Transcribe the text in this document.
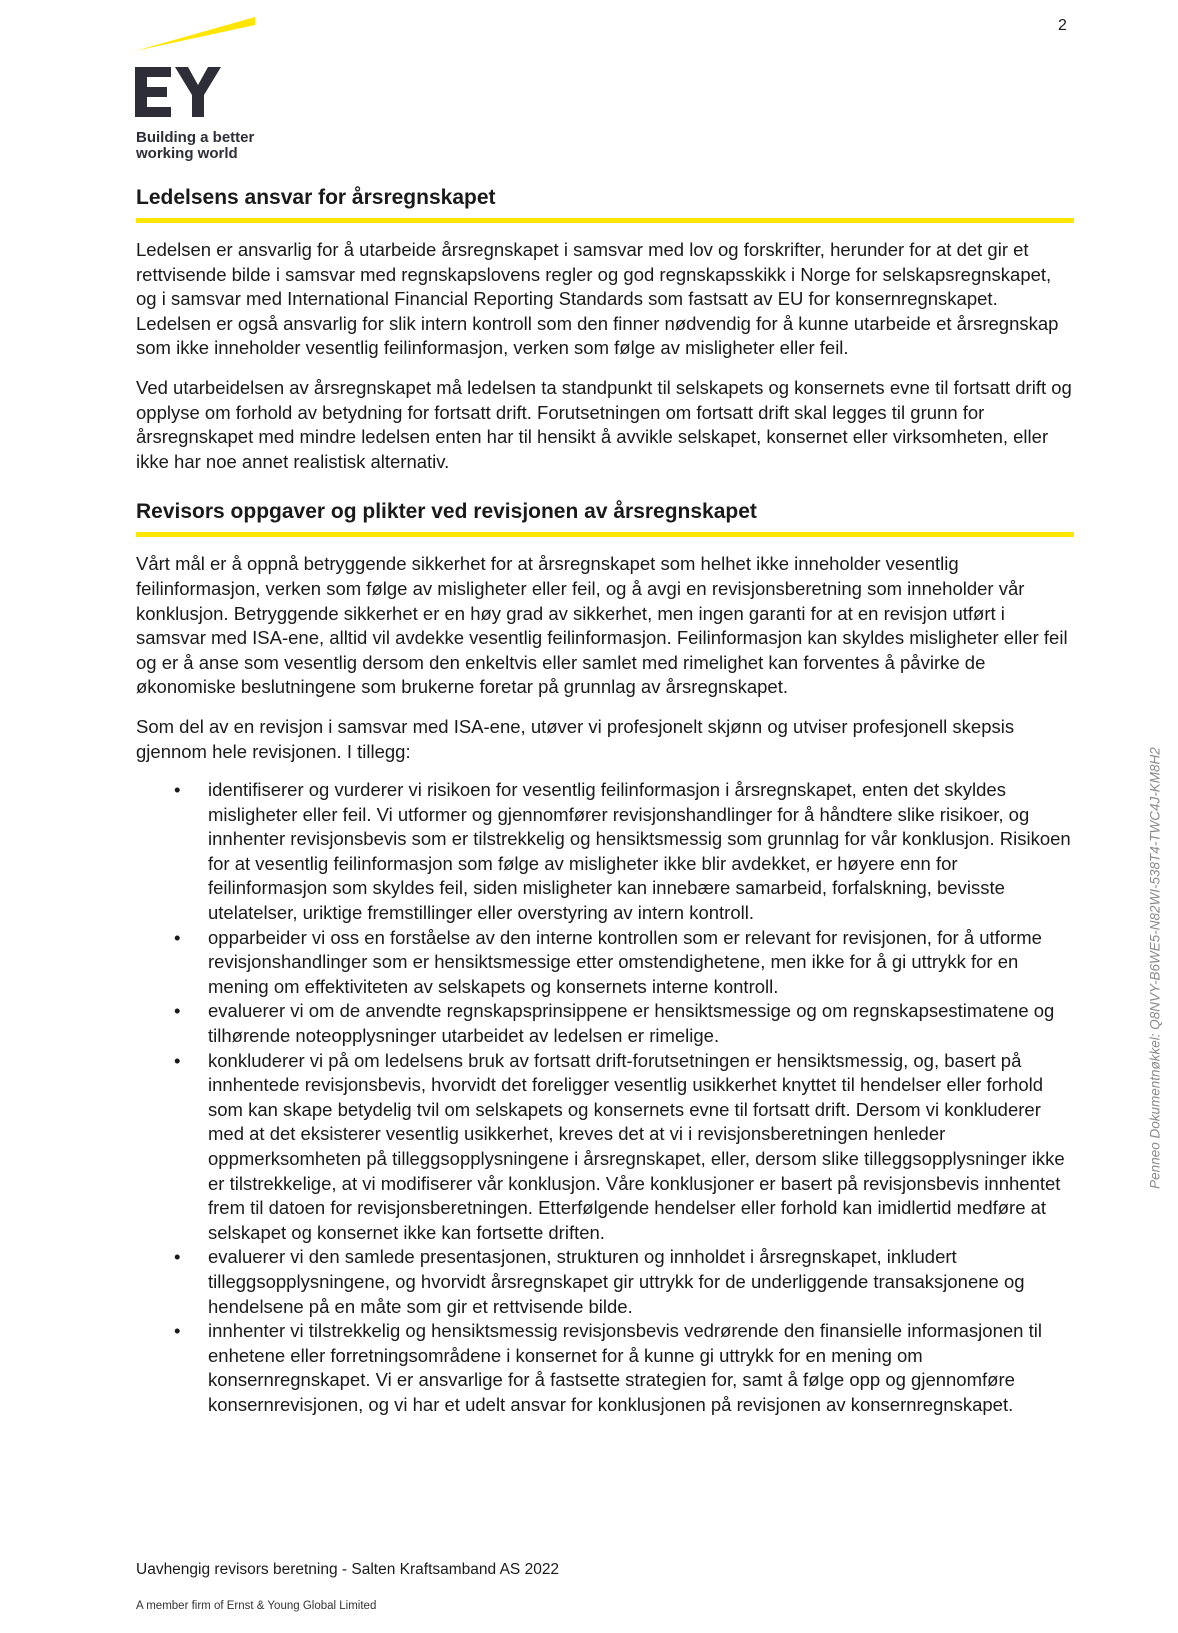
2
Building a better
working world
Ledelsens ansvar for årsregnskapet

Ledelsen er ansvarlig for å utarbeide årsregnskapet i samsvar med lov og forskrifter, herunder for at det gir et rettvisende bilde i samsvar med regnskapslovens regler og god regnskapsskikk i Norge for selskapsregnskapet, og i samsvar med International Financial Reporting Standards som fastsatt av EU for konsernregnskapet. Ledelsen er også ansvarlig for slik intern kontroll som den finner nødvendig for å kunne utarbeide et årsregnskap som ikke inneholder vesentlig feilinformasjon, verken som følge av misligheter eller feil.

Ved utarbeidelsen av årsregnskapet må ledelsen ta standpunkt til selskapets og konsernets evne til fortsatt drift og opplyse om forhold av betydning for fortsatt drift. Forutsetningen om fortsatt drift skal legges til grunn for årsregnskapet med mindre ledelsen enten har til hensikt å avvikle selskapet, konsernet eller virksomheten, eller ikke har noe annet realistisk alternativ.

Revisors oppgaver og plikter ved revisjonen av årsregnskapet

Vårt mål er å oppnå betryggende sikkerhet for at årsregnskapet som helhet ikke inneholder vesentlig feilinformasjon, verken som følge av misligheter eller feil, og å avgi en revisjonsberetning som inneholder vår konklusjon. Betryggende sikkerhet er en høy grad av sikkerhet, men ingen garanti for at en revisjon utført i samsvar med ISA-ene, alltid vil avdekke vesentlig feilinformasjon. Feilinformasjon kan skyldes misligheter eller feil og er å anse som vesentlig dersom den enkeltvis eller samlet med rimelighet kan forventes å påvirke de økonomiske beslutningene som brukerne foretar på grunnlag av årsregnskapet.

Som del av en revisjon i samsvar med ISA-ene, utøver vi profesjonelt skjønn og utviser profesjonell skepsis gjennom hele revisjonen. I tillegg:

• identifiserer og vurderer vi risikoen for vesentlig feilinformasjon i årsregnskapet, enten det skyldes misligheter eller feil. Vi utformer og gjennomfører revisjonshandlinger for å håndtere slike risikoer, og innhenter revisjonsbevis som er tilstrekkelig og hensiktsmessig som grunnlag for vår konklusjon. Risikoen for at vesentlig feilinformasjon som følge av misligheter ikke blir avdekket, er høyere enn for feilinformasjon som skyldes feil, siden misligheter kan innebære samarbeid, forfalskning, bevisste utelatelser, uriktige fremstillinger eller overstyring av intern kontroll.
• opparbeider vi oss en forståelse av den interne kontrollen som er relevant for revisjonen, for å utforme revisjonshandlinger som er hensiktsmessige etter omstendighetene, men ikke for å gi uttrykk for en mening om effektiviteten av selskapets og konsernets interne kontroll.
• evaluerer vi om de anvendte regnskapsprinsippene er hensiktsmessige og om regnskapsestimatene og tilhørende noteopplysninger utarbeidet av ledelsen er rimelige.
• konkluderer vi på om ledelsens bruk av fortsatt drift-forutsetningen er hensiktsmessig, og, basert på innhentede revisjonsbevis, hvorvidt det foreligger vesentlig usikkerhet knyttet til hendelser eller forhold som kan skape betydelig tvil om selskapets og konsernets evne til fortsatt drift. Dersom vi konkluderer med at det eksisterer vesentlig usikkerhet, kreves det at vi i revisjonsberetningen henleder oppmerksomheten på tilleggsopplysningene i årsregnskapet, eller, dersom slike tilleggsopplysninger ikke er tilstrekkelige, at vi modifiserer vår konklusjon. Våre konklusjoner er basert på revisjonsbevis innhentet frem til datoen for revisjonsberetningen. Etterfølgende hendelser eller forhold kan imidlertid medføre at selskapet og konsernet ikke kan fortsette driften.
• evaluerer vi den samlede presentasjonen, strukturen og innholdet i årsregnskapet, inkludert tilleggsopplysningene, og hvorvidt årsregnskapet gir uttrykk for de underliggende transaksjonene og hendelsene på en måte som gir et rettvisende bilde.
• innhenter vi tilstrekkelig og hensiktsmessig revisjonsbevis vedrørende den finansielle informasjonen til enhetene eller forretningsområdene i konsernet for å kunne gi uttrykk for en mening om konsernregnskapet. Vi er ansvarlige for å fastsette strategien for, samt å følge opp og gjennomføre konsernrevisjonen, og vi har et udelt ansvar for konklusjonen på revisjonen av konsernregnskapet.
Uavhengig revisors beretning - Salten Kraftsamband AS 2022
A member firm of Ernst & Young Global Limited
Penneo Dokumentnøkkel: Q8NVY-B6WE5-N82WI-538T4-TWC4J-KM8H2
